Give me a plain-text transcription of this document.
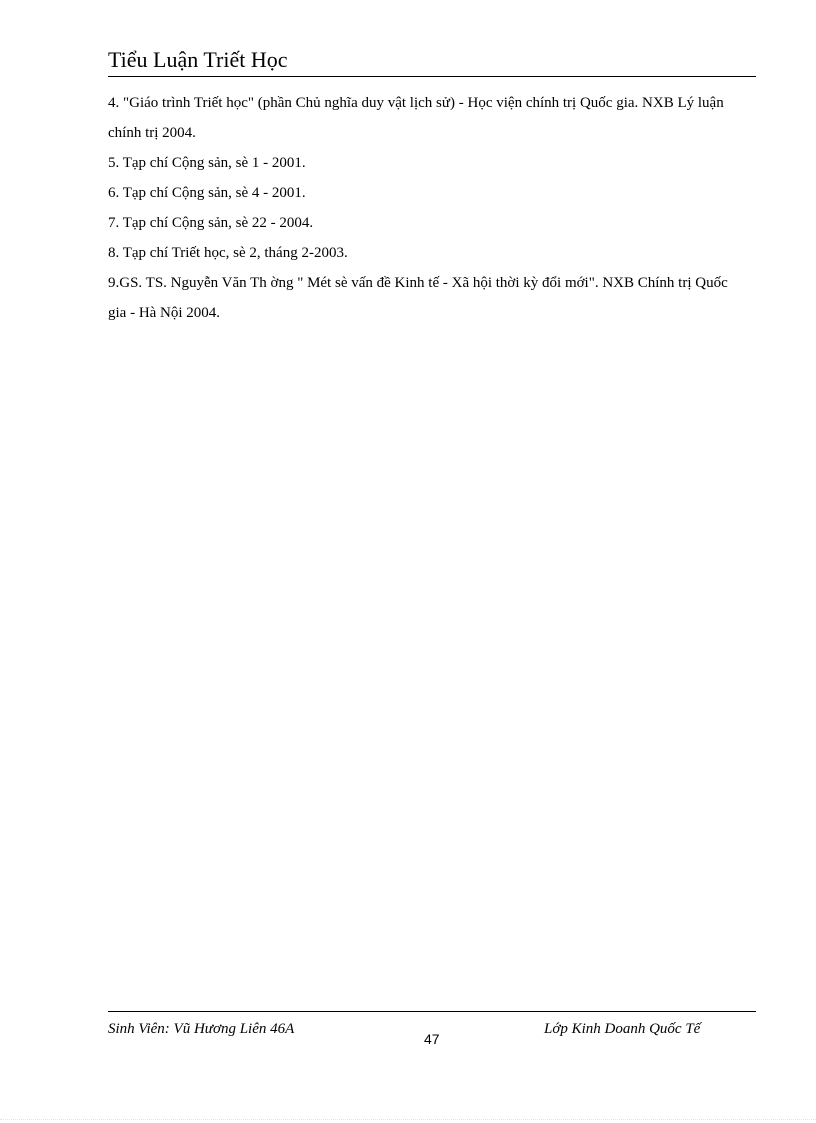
Tiểu Luận Triết Học
4. "Giáo trình Triết học" (phần Chủ nghĩa duy vật lịch sử) - Học viện chính trị Quốc gia. NXB Lý luận chính trị 2004.
5. Tạp chí Cộng sản, sè 1 - 2001.
6. Tạp chí Cộng sản, sè 4 - 2001.
7. Tạp chí Cộng sản, sè 22 - 2004.
8. Tạp chí Triết học, sè 2, tháng 2-2003.
9.GS. TS. Nguyễn Văn Th ờng " Mét sè vấn đề Kinh tế - Xã hội thời kỳ đổi mới". NXB Chính trị Quốc gia - Hà Nội 2004.
Sinh Viên: Vũ Hương Liên 46A
47
Lớp Kinh Doanh Quốc Tế
